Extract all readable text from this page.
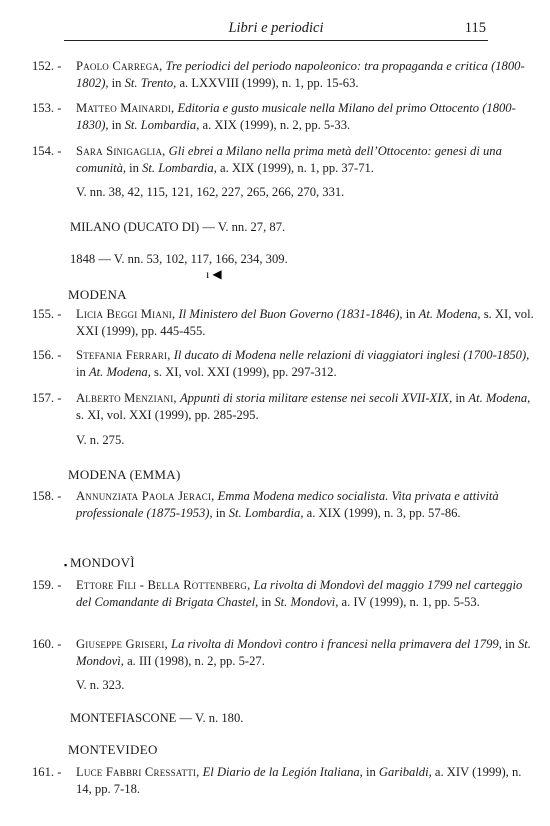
Libri e periodici	115
152. - Paolo Carrega, Tre periodici del periodo napoleonico: tra propaganda e critica (1800-1802), in St. Trento, a. LXXVIII (1999), n. 1, pp. 15-63.
153. - Matteo Mainardi, Editoria e gusto musicale nella Milano del primo Ottocento (1800-1830), in St. Lombardia, a. XIX (1999), n. 2, pp. 5-33.
154. - Sara Sinigaglia, Gli ebrei a Milano nella prima metà dell’Ottocento: genesi di una comunità, in St. Lombardia, a. XIX (1999), n. 1, pp. 37-71.
V. nn. 38, 42, 115, 121, 162, 227, 265, 266, 270, 331.
MILANO (DUCATO DI) — V. nn. 27, 87.
1848 — V. nn. 53, 102, 117, 166, 234, 309.
ı ◀
MODENA
155. - Licia Beggi Miani, Il Ministero del Buon Governo (1831-1846), in At. Modena, s. XI, vol. XXI (1999), pp. 445-455.
156. - Stefania Ferrari, Il ducato di Modena nelle relazioni di viaggiatori inglesi (1700-1850), in At. Modena, s. XI, vol. XXI (1999), pp. 297-312.
157. - Alberto Menziani, Appunti di storia militare estense nei secoli XVII-XIX, in At. Modena, s. XI, vol. XXI (1999), pp. 285-295.
V. n. 275.
MODENA (EMMA)
158. - Annunziata Paola Jeraci, Emma Modena medico socialista. Vita privata e attività professionale (1875-1953), in St. Lombardia, a. XIX (1999), n. 3, pp. 57-86.
▪ MONDOVÌ
159. - Ettore Fili - Bella Rottenberg, La rivolta di Mondovì del maggio 1799 nel carteggio del Comandante di Brigata Chastel, in St. Mondovì, a. IV (1999), n. 1, pp. 5-53.
160. - Giuseppe Griseri, La rivolta di Mondovì contro i francesi nella primavera del 1799, in St. Mondovì, a. III (1998), n. 2, pp. 5-27.
V. n. 323.
MONTEFIASCONE — V. n. 180.
MONTEVIDEO
161. - Luce Fabbri Cressatti, El Diario de la Legión Italiana, in Garibaldi, a. XIV (1999), n. 14, pp. 7-18.
